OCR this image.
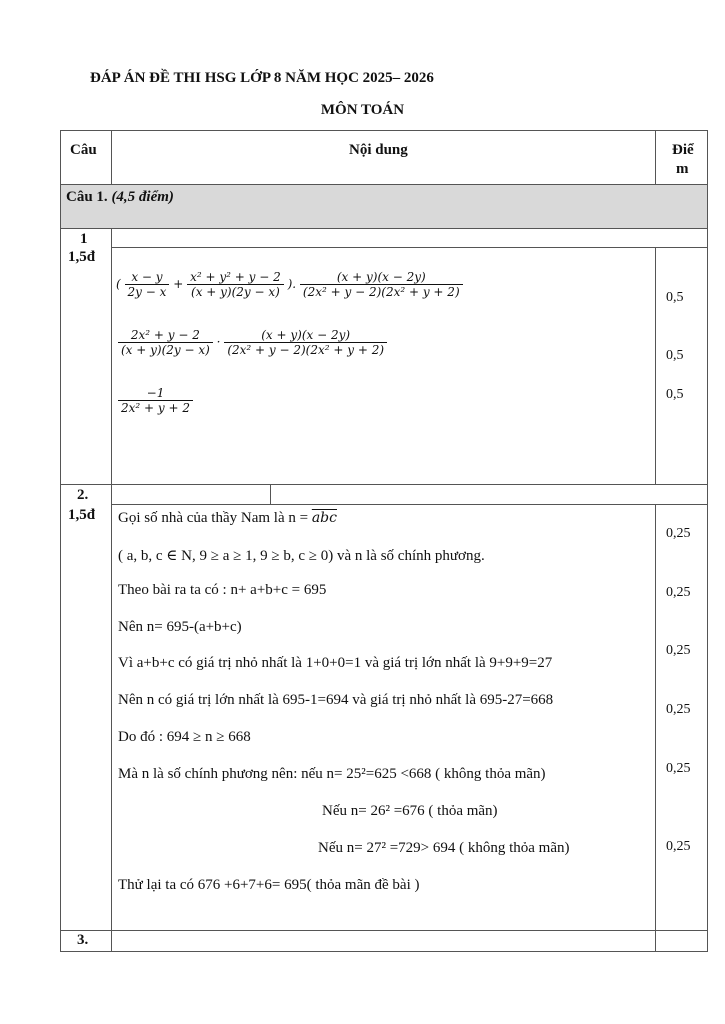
ĐÁP ÁN ĐỀ THI HSG LỚP 8 NĂM HỌC 2025– 2026
MÔN TOÁN
Câu	Nội dung	Điể
m
Câu 1. (4,5 điểm)
1
1,5đ
( $\frac{x - y}{2y - x} + \frac{\text{x² + y² + y − 2}}{(x + y)(2y - x)}$ ). $\frac{(x + y)(x - 2y)}{\text{(2x² + y − 2)(2x² + y + 2)}}$
$\frac{\text{2x² + y − 2}}{(x + y)(2y - x)} \cdot \frac{(x + y)(x - 2y)}{\text{(2x² + y − 2)(2x² + y + 2)}}$
$\frac{-1}{\text{2x² + y + 2}}$
0,5
0,5
0,5
2.
1,5đ Gọi số nhà của thầy Nam là $n = \overline{abc}$
( a, b, c ∈ N, 9 ≥ a ≥ 1, 9 ≥ b, c ≥ 0) và n là số chính phương.
Theo bài ra ta có : n+ a+b+c = 695
Nên n= 695-(a+b+c)
Vì a+b+c có giá trị nhỏ nhất là 1+0+0=1 và giá trị lớn nhất là 9+9+9=27
Nên n có giá trị lớn nhất là 695-1=694 và giá trị nhỏ nhất là 695-27=668
Do đó : 694 ≥ n ≥ 668
Mà n là số chính phương nên: nếu n= 25²=625 <668 ( không thỏa mãn)
Nếu n= 26² =676 ( thỏa mãn)
Nếu n= 27² =729> 694 ( không thỏa mãn)
Thử lại ta có 676 +6+7+6= 695( thỏa mãn đề bài )
0,25
0,25
0,25
0,25
0,25
0,25
3.
